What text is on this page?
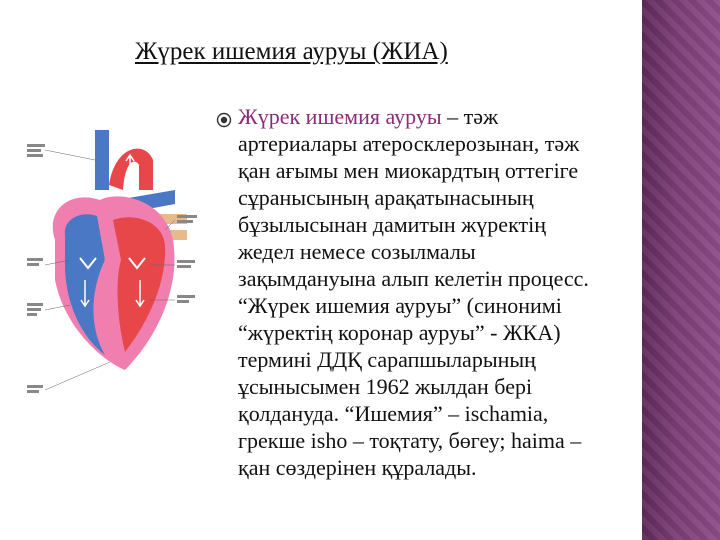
Жүрек ишемия ауруы (ЖИА)
Жүрек ишемия ауруы – тәж
артериалары атеросклерозынан, тәж
қан ағымы мен миокардтың оттегіге
сұранысының арақатынасының
бұзылысынан дамитын жүректің
жедел немесе созылмалы
зақымдануына алып келетін процесс.
“Жүрек ишемия ауруы” (синонимі
“жүректің коронар ауруы” - ЖКА)
термині ДДҚ сарапшыларының
ұсынысымен 1962 жылдан бері
қолдануда. “Ишемия” – ischamia,
грекше isho – тоқтату, бөгеу; haima –
қан сөздерінен құралады.
